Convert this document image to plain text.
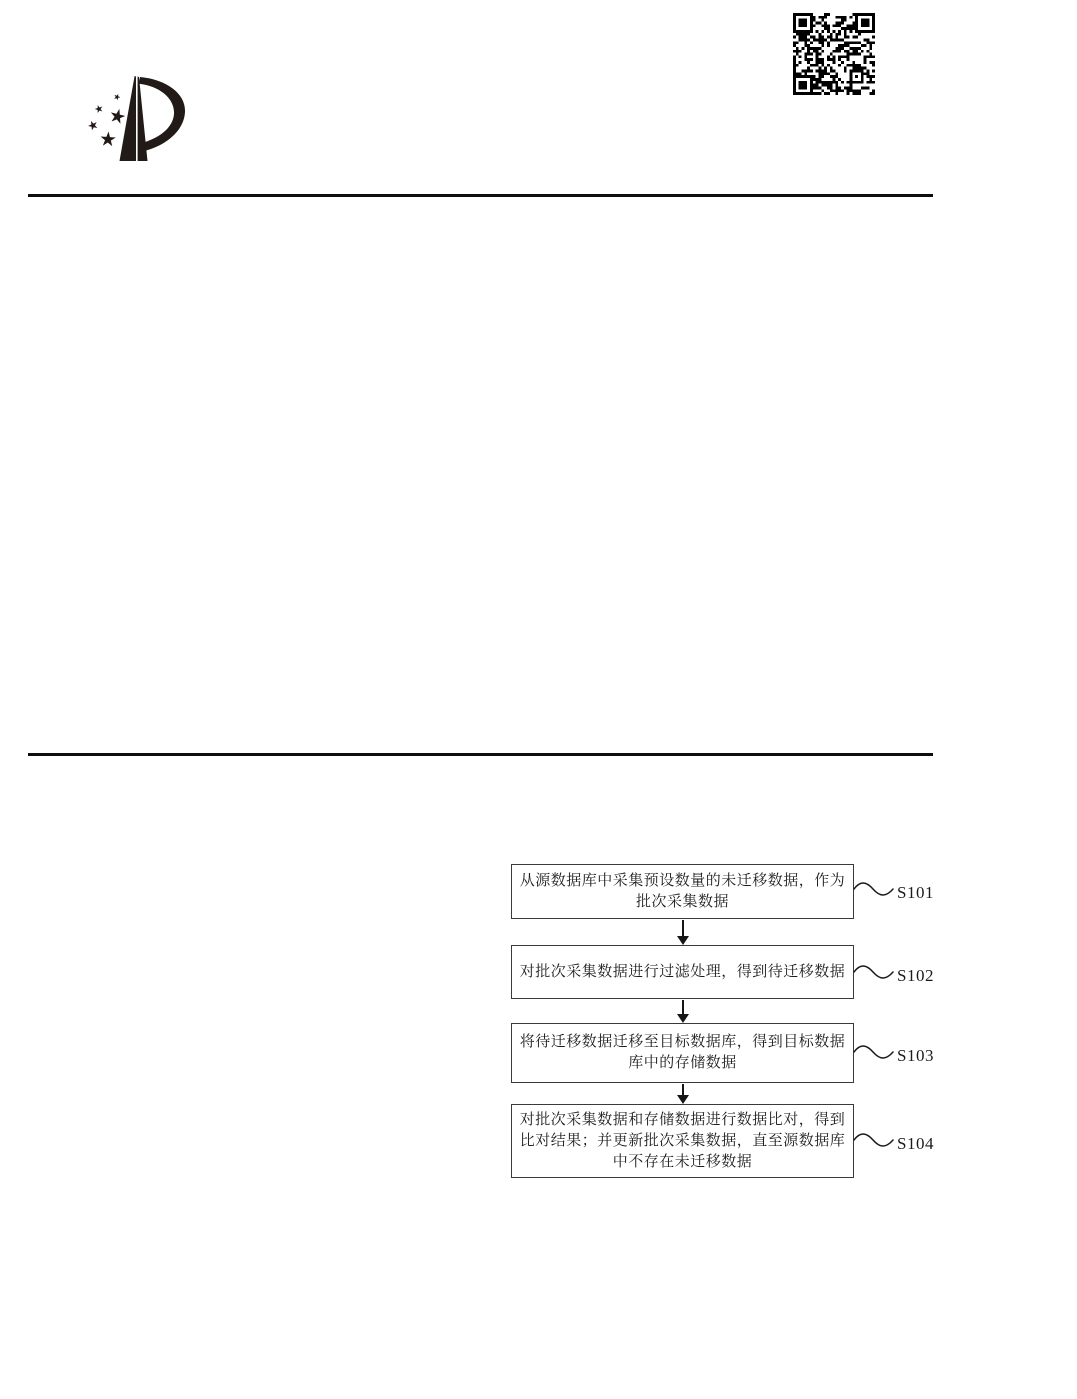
从源数据库中采集预设数量的未迁移数据，作为
批次采集数据
对批次采集数据进行过滤处理，得到待迁移数据
将待迁移数据迁移至目标数据库，得到目标数据
库中的存储数据
对批次采集数据和存储数据进行数据比对，得到
比对结果；并更新批次采集数据，直至源数据库
中不存在未迁移数据
S101
S102
S103
S104
